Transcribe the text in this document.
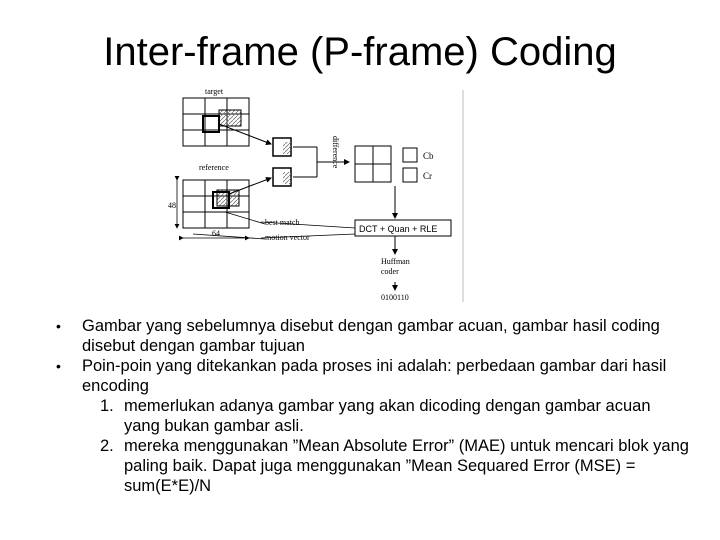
Inter-frame (P-frame) Coding
target
reference
48
64
difference	Cb
Cr
best match
motion vector
DCT + Quan + RLE
Huffman
coder
0100110
• Gambar yang sebelumnya disebut dengan gambar acuan, gambar hasil coding disebut dengan gambar tujuan
• Poin-poin yang ditekankan pada proses ini adalah: perbedaan gambar dari hasil encoding
1. memerlukan adanya gambar yang akan dicoding dengan gambar acuan     yang bukan gambar asli.
2. mereka menggunakan ”Mean Absolute Error” (MAE) untuk mencari blok yang paling baik. Dapat juga menggunakan ”Mean Sequared Error (MSE) = sum(E*E)/N
